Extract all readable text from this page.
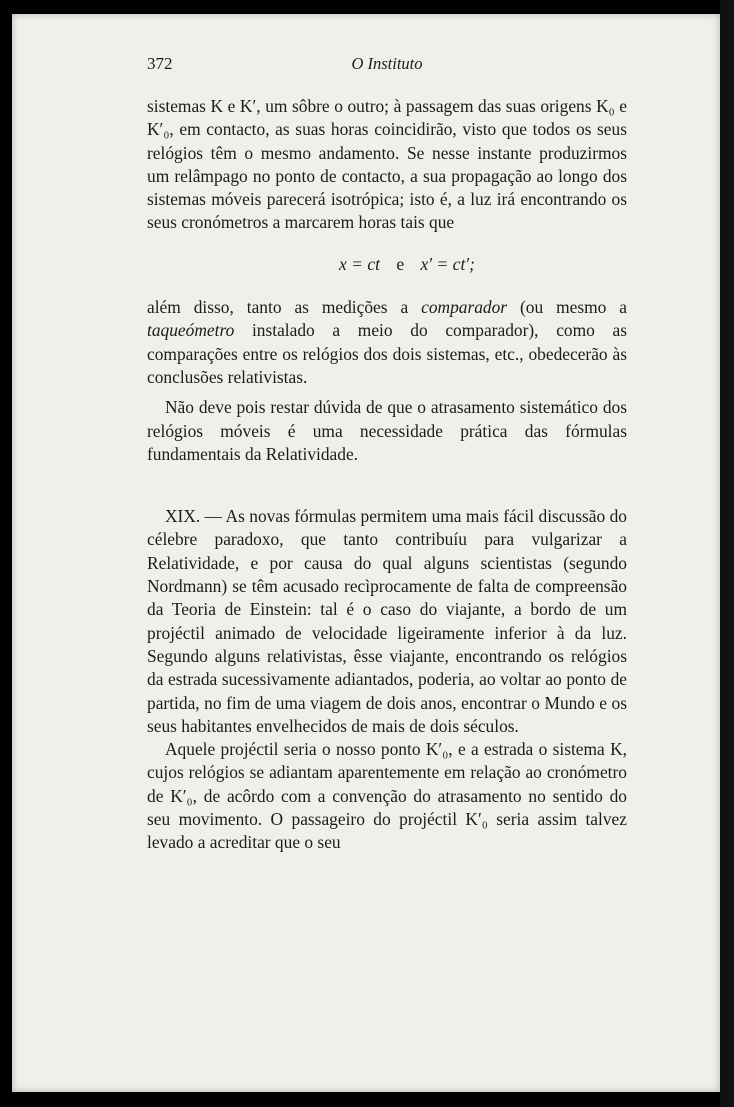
372	O Instituto

sistemas K e K′, um sôbre o outro; à passagem das suas origens K₀ e K′₀, em contacto, as suas horas coincidirão, visto que todos os seus relógios têm o mesmo andamento. Se nesse instante produzirmos um relâmpago no ponto de contacto, a sua propagação ao longo dos sistemas móveis parecerá isotrópica; isto é, a luz irá encontrando os seus cronómetros a marcarem horas tais que

x = ct e x′ = ct′;

além disso, tanto as medições a comparador (ou mesmo a taqueómetro instalado a meio do comparador), como as comparações entre os relógios dos dois sistemas, etc., obedecerão às conclusões relativistas.

Não deve pois restar dúvida de que o atrasamento sistemático dos relógios móveis é uma necessidade prática das fórmulas fundamentais da Relatividade.

XIX. — As novas fórmulas permitem uma mais fácil discussão do célebre paradoxo, que tanto contribuíu para vulgarizar a Relatividade, e por causa do qual alguns scientistas (segundo Nordmann) se têm acusado recìprocamente de falta de compreensão da Teoria de Einstein: tal é o caso do viajante, a bordo de um projéctil animado de velocidade ligeiramente inferior à da luz. Segundo alguns relativistas, êsse viajante, encontrando os relógios da estrada sucessivamente adiantados, poderia, ao voltar ao ponto de partida, no fim de uma viagem de dois anos, encontrar o Mundo e os seus habitantes envelhecidos de mais de dois séculos.

Aquele projéctil seria o nosso ponto K′₀, e a estrada o sistema K, cujos relógios se adiantam aparentemente em relação ao cronómetro de K′₀, de acôrdo com a convenção do atrasamento no sentido do seu movimento. O passageiro do projéctil K′₀ seria assim talvez levado a acreditar que o seu
